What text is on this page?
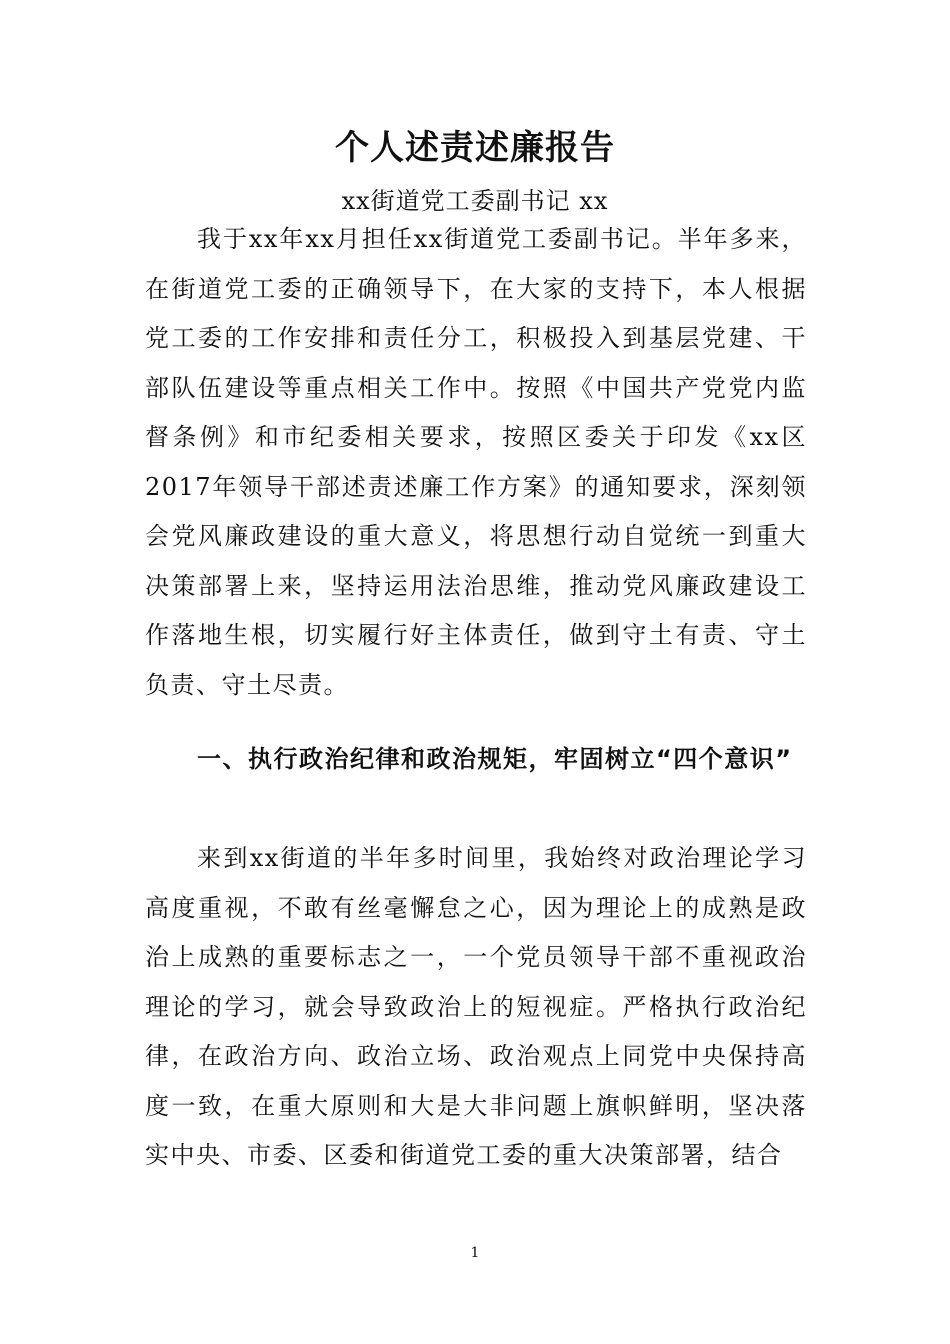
个人述责述廉报告
xx街道党工委副书记 xx

我于xx年xx月担任xx街道党工委副书记。半年多来，在街道党工委的正确领导下，在大家的支持下，本人根据党工委的工作安排和责任分工，积极投入到基层党建、干部队伍建设等重点相关工作中。按照《中国共产党党内监督条例》和市纪委相关要求，按照区委关于印发《xx区2017年领导干部述责述廉工作方案》的通知要求，深刻领会党风廉政建设的重大意义，将思想行动自觉统一到重大决策部署上来，坚持运用法治思维，推动党风廉政建设工作落地生根，切实履行好主体责任，做到守土有责、守土负责、守土尽责。

一、执行政治纪律和政治规矩，牢固树立“四个意识”

来到xx街道的半年多时间里，我始终对政治理论学习高度重视，不敢有丝毫懈怠之心，因为理论上的成熟是政治上成熟的重要标志之一，一个党员领导干部不重视政治理论的学习，就会导致政治上的短视症。严格执行政治纪律，在政治方向、政治立场、政治观点上同党中央保持高度一致，在重大原则和大是大非问题上旗帜鲜明，坚决落实中央、市委、区委和街道党工委的重大决策部署，结合

1
